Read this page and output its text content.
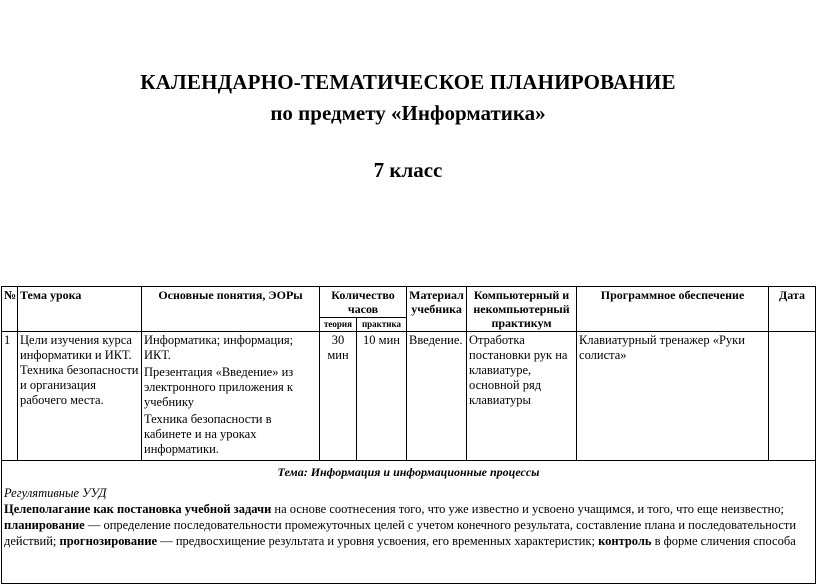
КАЛЕНДАРНО-ТЕМАТИЧЕСКОЕ ПЛАНИРОВАНИЕ
по предмету «Информатика»
7 класс
№	Тема урока	Основные понятия, ЭОРы	Количество часов		Материал учебника	Компьютерный и некомпьютерный практикум	Программное обеспечение	Дата
			теория	практика				
1	Цели изучения курса информатики и ИКТ. Техника безопасности и организация рабочего места.	Информатика; информация; ИКТ.

Презентация «Введение» из электронного приложения к учебнику

Техника безопасности в кабинете и на уроках информатики.	30 мин	10 мин	Введение.	Отработка постановки рук на клавиатуре, основной ряд клавиатуры	Клавиатурный тренажер «Руки солиста»	

Тема: Информация и информационные процессы
Регулятивные УУД
Целеполагание как постановка учебной задачи на основе соотнесения того, что уже известно и усвоено учащимся, и того, что еще неизвестно; планирование — определение последовательности промежуточных целей с учетом конечного результата, составление плана и последовательности действий; прогнозирование — предвосхищение результата и уровня усвоения, его временных характеристик; контроль в форме сличения способа								
